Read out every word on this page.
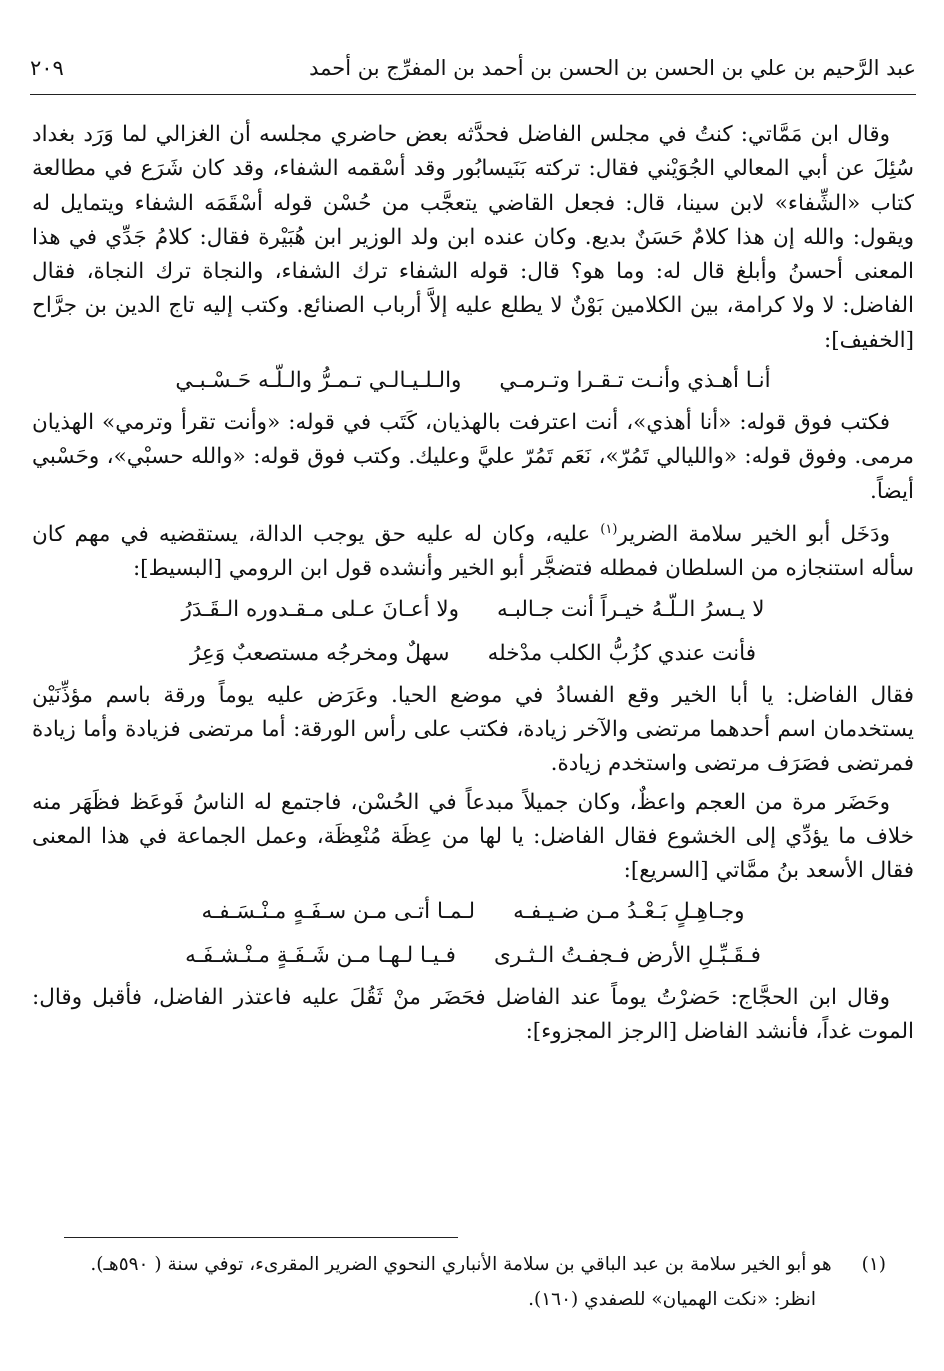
عبد الرَّحيم بن علي بن الحسن بن الحسن بن أحمد بن المفرِّج بن أحمد
٢٠٩
وقال ابن مَمَّاتي: كنتُ في مجلس الفاضل فحدَّثه بعض حاضري مجلسه أن الغزالي لما وَرَد بغداد سُئِلَ عن أبي المعالي الجُوَيْني فقال: تركته بَنَيسابُور وقد أسْقمه الشفاء، وقد كان شَرَع في مطالعة كتاب «الشِّفاء» لابن سينا، قال: فجعل القاضي يتعجَّب من حُسْن قوله أسْقَمَه الشفاء ويتمايل له ويقول: والله إن هذا كلامٌ حَسَنٌ بديع. وكان عنده ابن ولد الوزير ابن هُبَيْرة فقال: كلامُ جَدِّي في هذا المعنى أحسنُ وأبلغ قال له: وما هو؟ قال: قوله الشفاء ترك الشفاء، والنجاة ترك النجاة، فقال الفاضل: لا ولا كرامة، بين الكلامين بَوْنٌ لا يطلع عليه إلاَّ أرباب الصنائع. وكتب إليه تاج الدين بن جرَّاح [الخفيف]:
أنـا أهـذي وأنـت تـقـرا وتـرمـي
والـلـيـالـي تـمـرُّ والـلّـه حَـسْـبـي
فكتب فوق قوله: «أنا أهذي»، أنت اعترفت بالهذيان، كَتَب في قوله: «وأنت تقرأ وترمي» الهذيان مرمى. وفوق قوله: «والليالي تَمُرّ»، نَعَم تَمُرّ عليَّ وعليك. وكتب فوق قوله: «والله حسبْي»، وحَسْبي أيضاً.
ودَخَل أبو الخير سلامة الضرير$^{(١)}$ عليه، وكان له عليه حق يوجب الدالة، يستقضيه في مهم كان سأله استنجازه من السلطان فمطله فتضجَّر أبو الخير وأنشده قول ابن الرومي [البسيط]:
لا يـسرُ الـلّـهُ خيـراً أنت جـالبـه
ولا أعـانَ عـلى مـقـدوره الـقَـدَرُ
فأنت عندي كزُبُّ الكلب مدْخله
سهلٌ ومخرجُه مستصعبٌ وَعِرُ
فقال الفاضل: يا أبا الخير وقع الفسادُ في موضع الحيا. وعَرَض عليه يوماً ورقة باسم مؤذِّنَيْن يستخدمان اسم أحدهما مرتضى والآخر زيادة، فكتب على رأس الورقة: أما مرتضى فزيادة وأما زيادة فمرتضى فصَرَف مرتضى واستخدم زيادة.
وحَضَر مرة من العجم واعظٌ، وكان جميلاً مبدعاً في الحُسْن، فاجتمع له الناسُ فَوعَظ فظَهَر منه خلاف ما يؤدِّي إلى الخشوع فقال الفاضل: يا لها من عِظَة مُنْعِظَة، وعمل الجماعة في هذا المعنى فقال الأسعد بنُ ممَّاتي [السريع]:
وجـاهِـلٍ بَـعْـدُ مـن ضـيـفـه
لـمـا أتـى مـن سـفَـهٍ مـنْـسَـفـه
فـقَـبِّـلِ الأرض فـجفـتُ الـثـرى
فـيـا لـهـا مـن شَـفَـةٍ مـنْـشـفَـه
وقال ابن الحجَّاج: حَضرْتُ يوماً عند الفاضل فحَضَر منْ ثَقُلَ عليه فاعتذر الفاضل، فأقبل وقال: الموت غداً، فأنشد الفاضل [الرجز المجزوء]:
(١)
هو أبو الخير سلامة بن عبد الباقي بن سلامة الأنباري النحوي الضرير المقرىء، توفي سنة ( ٥٩٠هـ).
انظر: «نكت الهميان» للصفدي (١٦٠).
